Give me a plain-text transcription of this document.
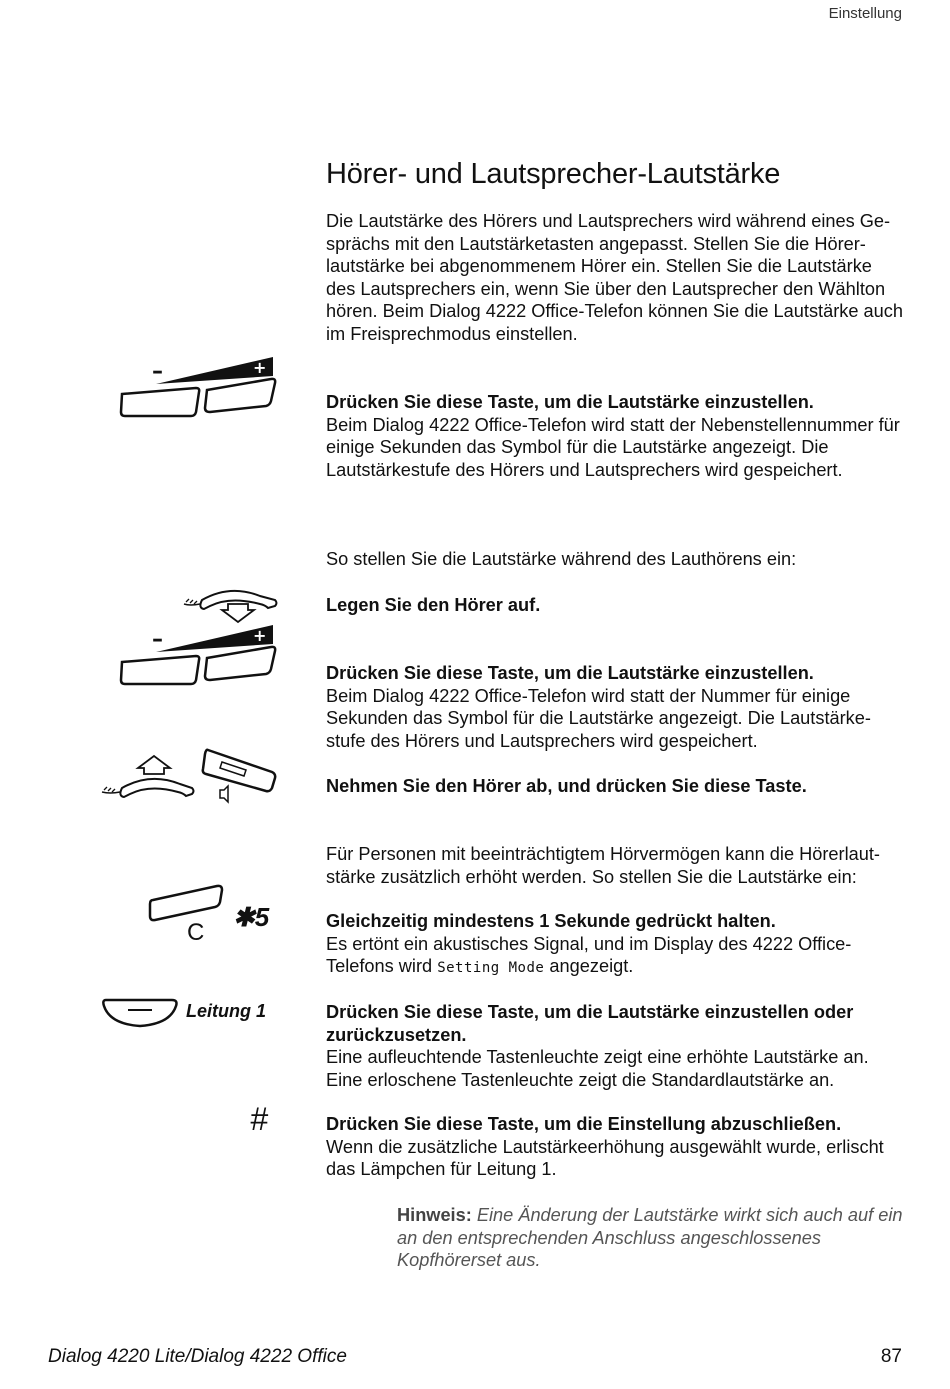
Einstellung
Hörer- und Lautsprecher-Lautstärke
Die Lautstärke des Hörers und Lautsprechers wird während eines Ge-
sprächs mit den Lautstärketasten angepasst. Stellen Sie die Hörer-lautstärke bei abgenommenem Hörer ein. Stellen Sie die Lautstärke des Lautsprechers ein, wenn Sie über den Lautsprecher den Wählton hören. Beim Dialog 4222 Office-Telefon können Sie die Lautstärke auch im Freisprechmodus einstellen.
+
–
Drücken Sie diese Taste, um die Lautstärke einzustellen.
Beim Dialog 4222 Office-Telefon wird statt der Nebenstellennummer für einige Sekunden das Symbol für die Lautstärke angezeigt. Die Lautstärkestufe des Hörers und Lautsprechers wird gespeichert.
So stellen Sie die Lautstärke während des Lauthörens ein:
Legen Sie den Hörer auf.
+
–
Drücken Sie diese Taste, um die Lautstärke einzustellen.
Beim Dialog 4222 Office-Telefon wird statt der Nummer für einige Sekunden das Symbol für die Lautstärke angezeigt. Die Lautstärke-stufe des Hörers und Lautsprechers wird gespeichert.
Nehmen Sie den Hörer ab, und drücken Sie diese Taste.
Für Personen mit beeinträchtigtem Hörvermögen kann die Hörerlaut-stärke zusätzlich erhöht werden. So stellen Sie die Lautstärke ein:
C
✱5	Gleichzeitig mindestens 1 Sekunde gedrückt halten.
Es ertönt ein akustisches Signal, und im Display des 4222 Office-Telefons wird Setting Mode angezeigt.
Leitung 1	Drücken Sie diese Taste, um die Lautstärke einzustellen oder zurückzusetzen.
Eine aufleuchtende Tastenleuchte zeigt eine erhöhte Lautstärke an. Eine erloschene Tastenleuchte zeigt die Standardlautstärke an.
#	Drücken Sie diese Taste, um die Einstellung abzuschließen.
Wenn die zusätzliche Lautstärkeerhöhung ausgewählt wurde, erlischt das Lämpchen für Leitung 1.
Hinweis: Eine Änderung der Lautstärke wirkt sich auch auf ein an den entsprechenden Anschluss angeschlossenes Kopfhörerset aus.
Dialog 4220 Lite/Dialog 4222 Office	87
